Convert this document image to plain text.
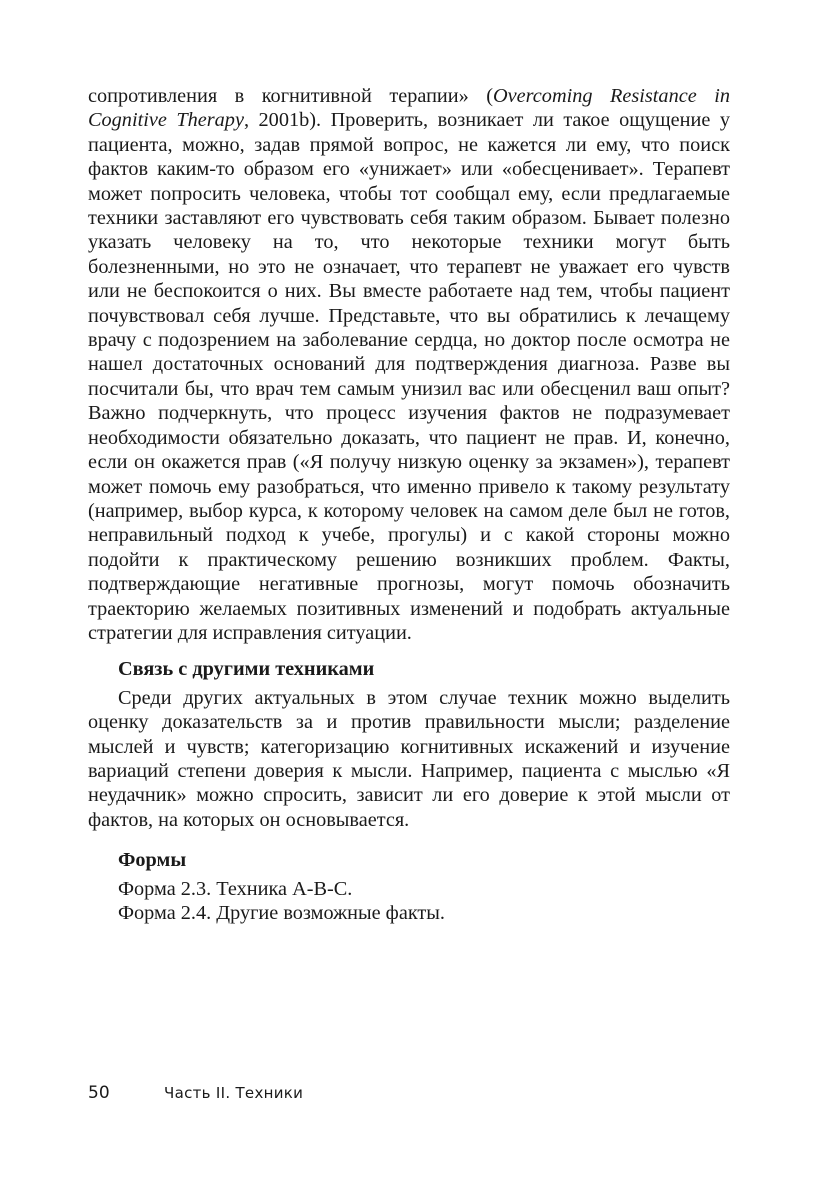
сопротивления в когнитивной терапии» (Overcoming Resistance in Cognitive Therapy, 2001b). Проверить, возникает ли такое ощущение у пациента, можно, задав прямой вопрос, не кажется ли ему, что поиск фактов каким-то образом его «унижает» или «обесценивает». Терапевт может попросить человека, чтобы тот сообщал ему, если предлагаемые техники заставляют его чувствовать себя таким образом. Бывает полезно указать человеку на то, что некоторые техники могут быть болезненными, но это не означает, что терапевт не уважает его чувств или не беспокоится о них. Вы вместе работаете над тем, чтобы пациент почувствовал себя лучше. Представьте, что вы обратились к лечащему врачу с подозрением на заболевание сердца, но доктор после осмотра не нашел достаточных оснований для подтверждения диагноза. Разве вы посчитали бы, что врач тем самым унизил вас или обесценил ваш опыт? Важно подчеркнуть, что процесс изучения фактов не подразумевает необходимости обязательно доказать, что пациент не прав. И, конечно, если он окажется прав («Я получу низкую оценку за экзамен»), терапевт может помочь ему разобраться, что именно привело к такому результату (например, выбор курса, к которому человек на самом деле был не готов, неправильный подход к учебе, прогулы) и с какой стороны можно подойти к практическому решению возникших проблем. Факты, подтверждающие негативные прогнозы, могут помочь обозначить траекторию желаемых позитивных изменений и подобрать актуальные стратегии для исправления ситуации.

Связь с другими техниками

Среди других актуальных в этом случае техник можно выделить оценку доказательств за и против правильности мысли; разделение мыслей и чувств; категоризацию когнитивных искажений и изучение вариаций степени доверия к мысли. Например, пациента с мыслью «Я неудачник» можно спросить, зависит ли его доверие к этой мысли от фактов, на которых он основывается.

Формы
Форма 2.3. Техника А-В-С.
Форма 2.4. Другие возможные факты.
50	Часть II. Техники
